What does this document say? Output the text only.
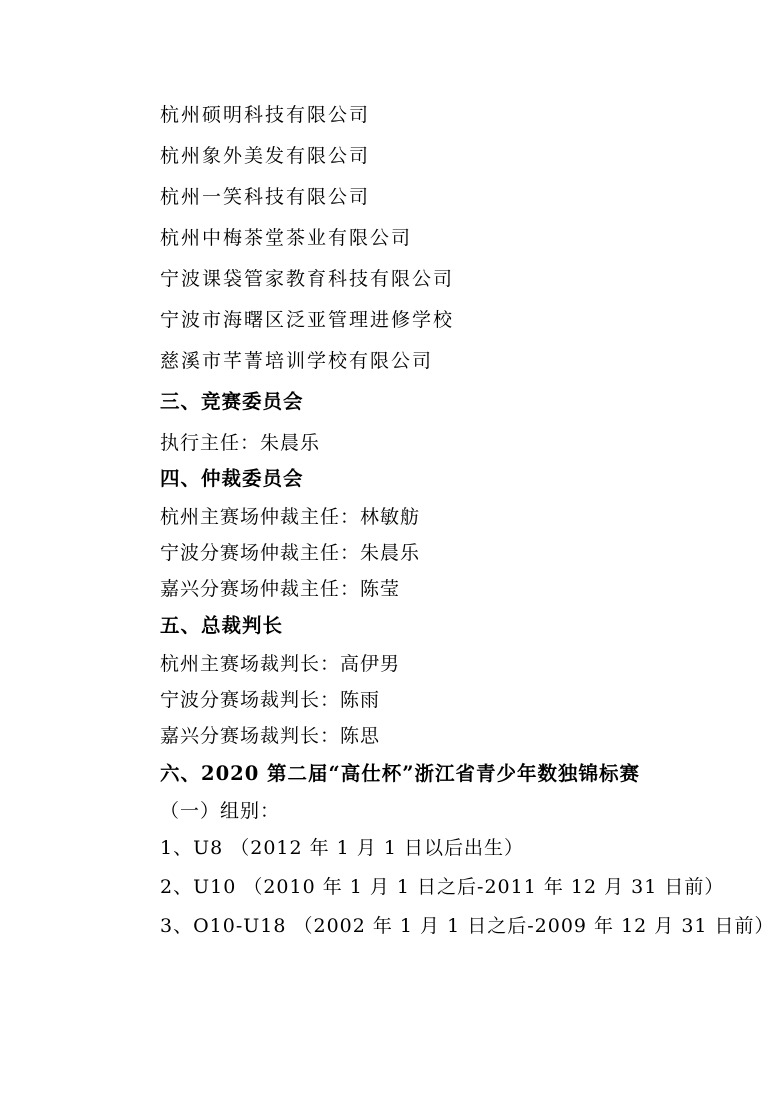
杭州硕明科技有限公司
杭州象外美发有限公司
杭州一笑科技有限公司
杭州中梅茶堂茶业有限公司
宁波课袋管家教育科技有限公司
宁波市海曙区泛亚管理进修学校
慈溪市芊菁培训学校有限公司
三、竞赛委员会
执行主任：朱晨乐
四、仲裁委员会
杭州主赛场仲裁主任：林敏舫
宁波分赛场仲裁主任：朱晨乐
嘉兴分赛场仲裁主任：陈莹
五、总裁判长
杭州主赛场裁判长：高伊男
宁波分赛场裁判长：陈雨
嘉兴分赛场裁判长：陈思
六、2020 第二届“高仕杯”浙江省青少年数独锦标赛
（一）组别：
1、U8 （2012 年 1 月 1 日以后出生）
2、U10 （2010 年 1 月 1 日之后-2011 年 12 月 31 日前）
3、O10-U18 （2002 年 1 月 1 日之后-2009 年 12 月 31 日前）
